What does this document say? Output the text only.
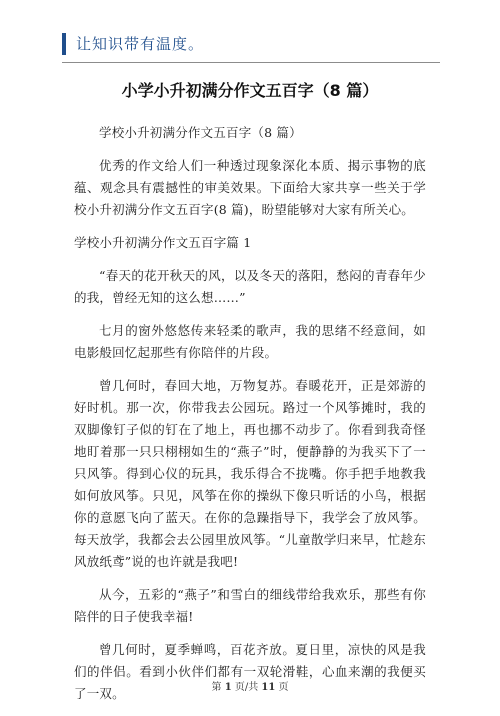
让知识带有温度。
小学小升初满分作文五百字（8 篇）

学校小升初满分作文五百字（8 篇）

优秀的作文给人们一种透过现象深化本质、揭示事物的底蕴、观念具有震撼性的审美效果。下面给大家共享一些关于学校小升初满分作文五百字(8 篇)，盼望能够对大家有所关心。

学校小升初满分作文五百字篇 1

“春天的花开秋天的风，以及冬天的落阳，愁闷的青春年少的我，曾经无知的这么想……”

七月的窗外悠悠传来轻柔的歌声，我的思绪不经意间，如电影般回忆起那些有你陪伴的片段。

曾几何时，春回大地，万物复苏。春暖花开，正是郊游的好时机。那一次，你带我去公园玩。路过一个风筝摊时，我的双脚像钉子似的钉在了地上，再也挪不动步了。你看到我奇怪　地盯着那一只只栩栩如生的“燕子”时，便静静的为我买下了一只风筝。得到心仪的玩具，我乐得合不拢嘴。你手把手地教我如何放风筝。只见，风筝在你的操纵下像只听话的小鸟，根据你的意愿飞向了蓝天。在你的急躁指导下，我学会了放风筝。每天放学，我都会去公园里放风筝。“儿童散学归来早，忙趁东风放纸鸢”说的也许就是我吧!

从今，五彩的“燕子”和雪白的细线带给我欢乐，那些有你陪伴的日子使我幸福!

曾几何时，夏季蝉鸣，百花齐放。夏日里，凉快的风是我们的伴侣。看到小伙伴们都有一双轮滑鞋，心血来潮的我便买了一双。	第 1 页/共 11 页
